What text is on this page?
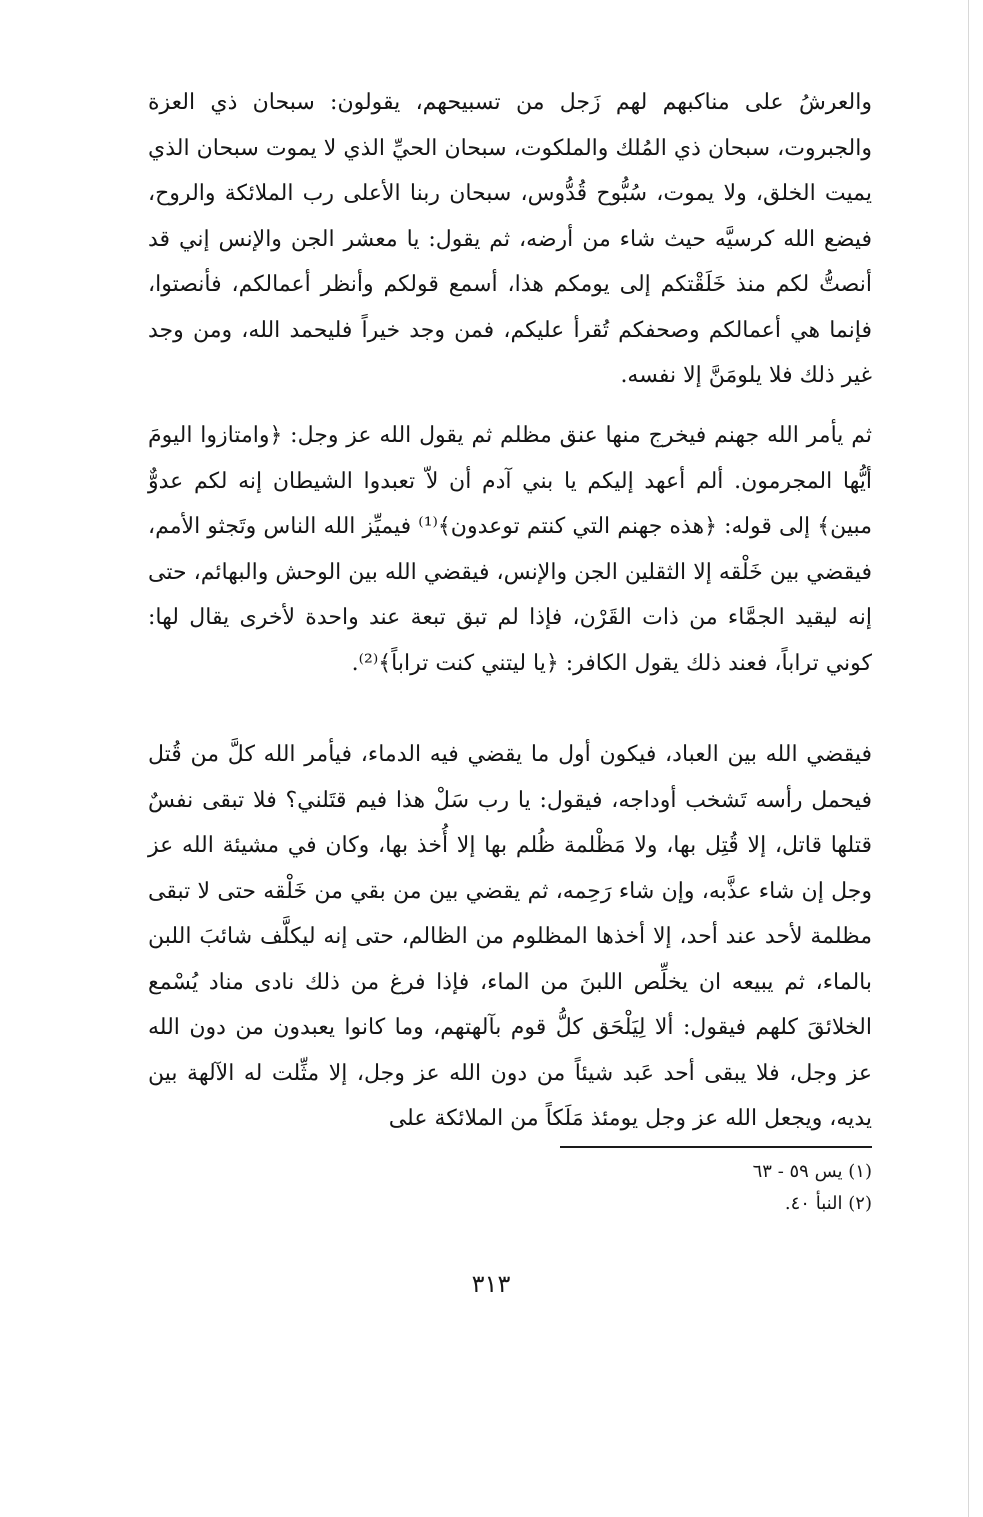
والعرشُ على مناكبهم لهم زَجل من تسبيحهم، يقولون: سبحان ذي العزة والجبروت، سبحان ذي المُلك والملكوت، سبحان الحيِّ الذي لا يموت سبحان الذي يميت الخلق، ولا يموت، سُبُّوح قُدُّوس، سبحان ربنا الأعلى رب الملائكة والروح، فيضع الله كرسيَّه حيث شاء من أرضه، ثم يقول: يا معشر الجن والإنس إني قد أنصتُّ لكم منذ خَلَقْتكم إلى يومكم هذا، أسمع قولكم وأنظر أعمالكم، فأنصتوا، فإنما هي أعمالكم وصحفكم تُقرأ عليكم، فمن وجد خيراً فليحمد الله، ومن وجد غير ذلك فلا يلومَنَّ إلا نفسه.

ثم يأمر الله جهنم فيخرج منها عنق مظلم ثم يقول الله عز وجل: ﴿وامتازوا اليومَ أيُّها المجرمون. ألم أعهد إليكم يا بني آدم أن لاّ تعبدوا الشيطان إنه لكم عدوٌّ مبين﴾ إلى قوله: ﴿هذه جهنم التي كنتم توعدون﴾⁽¹⁾ فيميِّز الله الناس وتَجثو الأمم، فيقضي بين خَلْقه إلا الثقلين الجن والإنس، فيقضي الله بين الوحش والبهائم، حتى إنه ليقيد الجمَّاء من ذات القَرْن، فإذا لم تبق تبعة عند واحدة لأخرى يقال لها: كوني تراباً، فعند ذلك يقول الكافر: ﴿يا ليتني كنت تراباً﴾⁽²⁾.

فيقضي الله بين العباد، فيكون أول ما يقضي فيه الدماء، فيأمر الله كلَّ من قُتل فيحمل رأسه تَشخب أوداجه، فيقول: يا رب سَلْ هذا فيم قتَلني؟ فلا تبقى نفسٌ قتلها قاتل، إلا قُتِل بها، ولا مَظْلمة ظُلم بها إلا أُخذ بها، وكان في مشيئة الله عز وجل إن شاء عذَّبه، وإن شاء رَحِمه، ثم يقضي بين من بقي من خَلْقه حتى لا تبقى مظلمة لأحد عند أحد، إلا أخذها المظلوم من الظالم، حتى إنه ليكلَّف شائبَ اللبن بالماء، ثم يبيعه ان يخلِّص اللبنَ من الماء، فإذا فرغ من ذلك نادى مناد يُسْمع الخلائقَ كلهم فيقول: ألا لِيَلْحَق كلُّ قوم بآلهتهم، وما كانوا يعبدون من دون الله عز وجل، فلا يبقى أحد عَبد شيئاً من دون الله عز وجل، إلا مثِّلت له الآلهة بين يديه، ويجعل الله عز وجل يومئذ مَلَكاً من الملائكة على

(١) يس ٥٩ - ٦٣

(٢) النبأ ٤٠.

٣١٣
